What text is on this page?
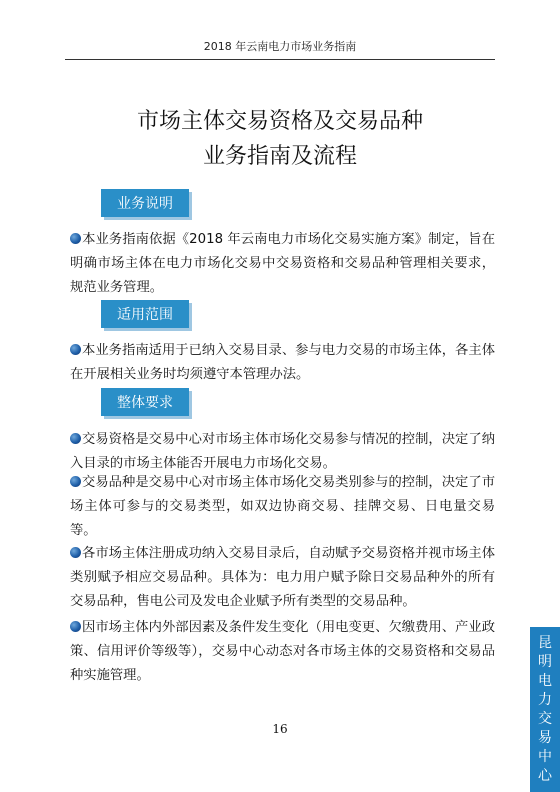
2018 年云南电力市场业务指南
市场主体交易资格及交易品种
业务指南及流程
业务说明

本业务指南依据《2018 年云南电力市场化交易实施方案》制定，旨在明确市场主体在电力市场化交易中交易资格和交易品种管理相关要求，规范业务管理。

适用范围

本业务指南适用于已纳入交易目录、参与电力交易的市场主体，各主体在开展相关业务时均须遵守本管理办法。

整体要求

交易资格是交易中心对市场主体市场化交易参与情况的控制，决定了纳入目录的市场主体能否开展电力市场化交易。

交易品种是交易中心对市场主体市场化交易类别参与的控制，决定了市场主体可参与的交易类型，如双边协商交易、挂牌交易、日电量交易等。

各市场主体注册成功纳入交易目录后，自动赋予交易资格并视市场主体类别赋予相应交易品种。具体为：电力用户赋予除日交易品种外的所有交易品种，售电公司及发电企业赋予所有类型的交易品种。

因市场主体内外部因素及条件发生变化（用电变更、欠缴费用、产业政策、信用评价等级等），交易中心动态对各市场主体的交易资格和交易品种实施管理。

16
昆
明
电
力
交
易
中
心
